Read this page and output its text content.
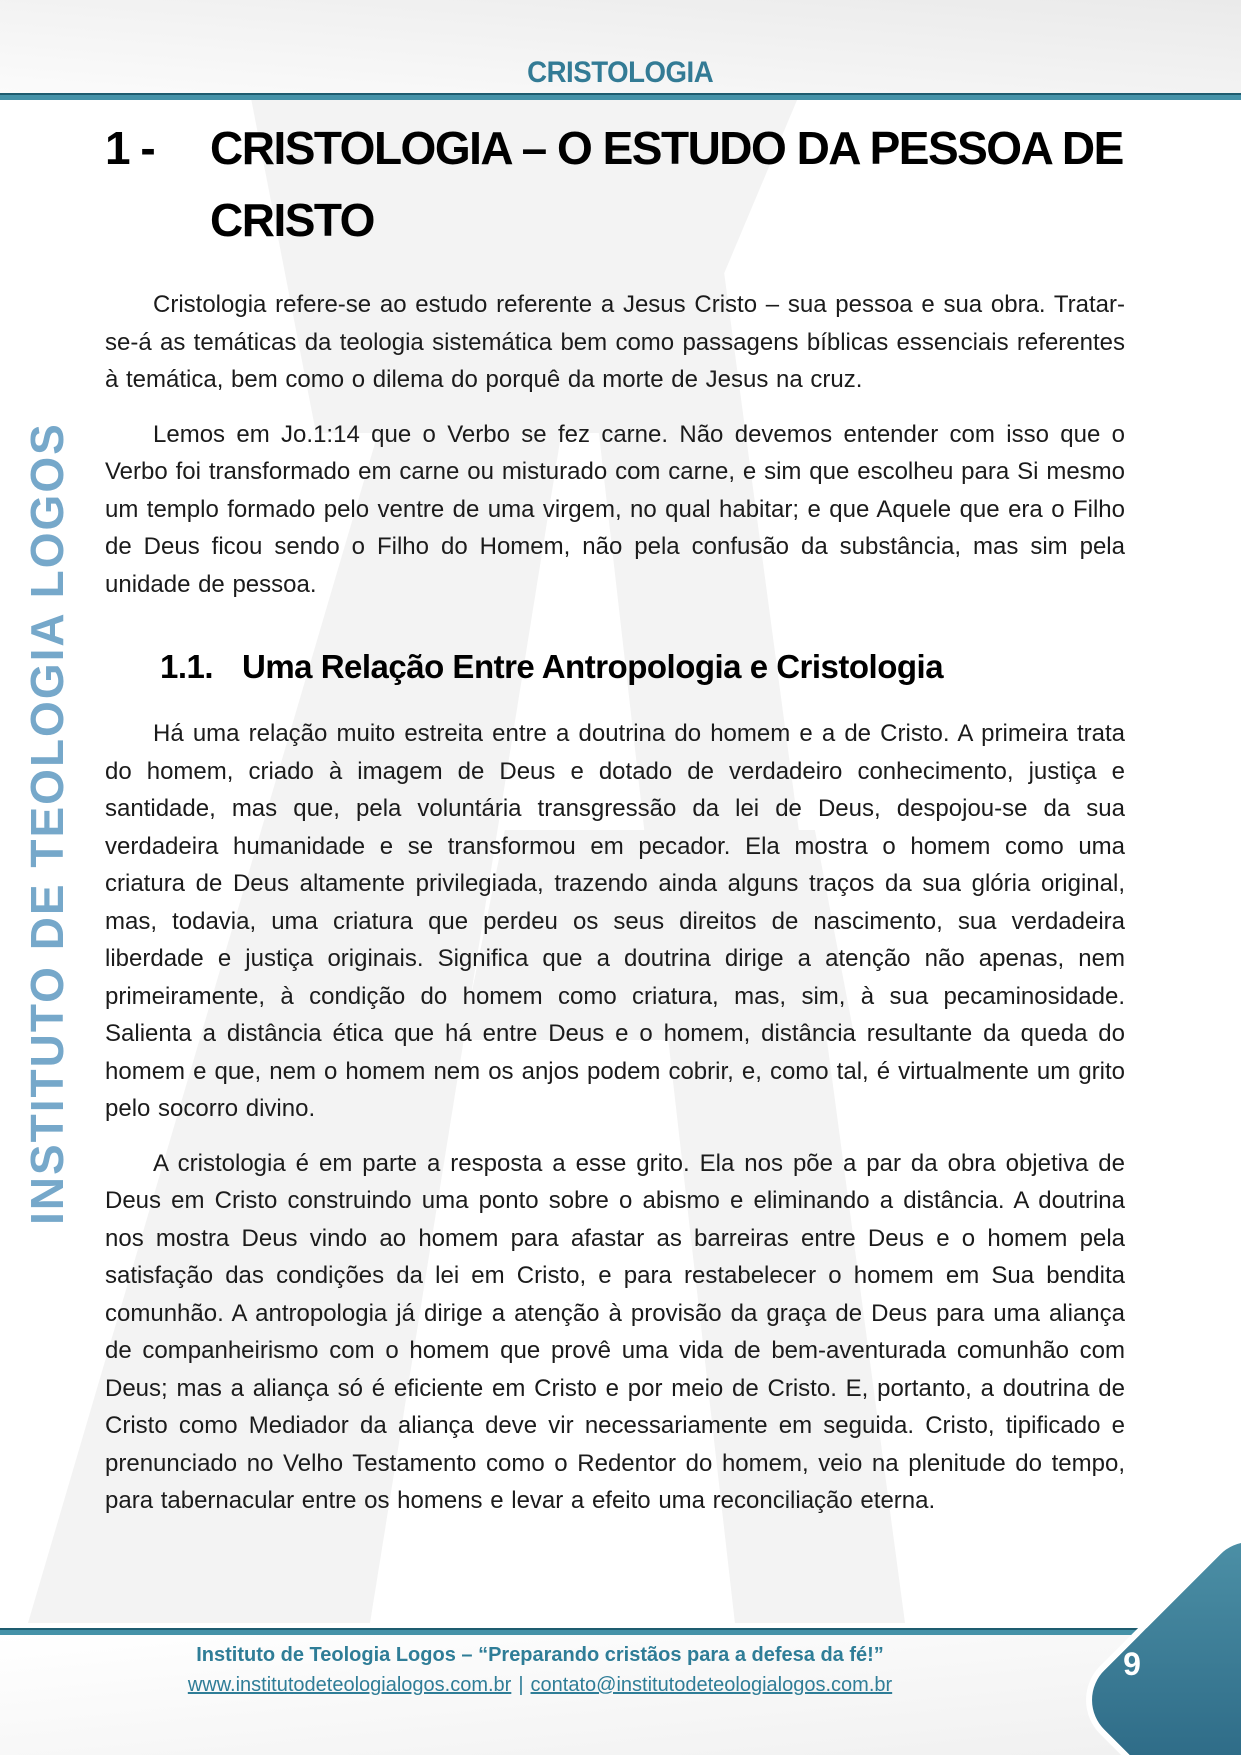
CRISTOLOGIA
INSTITUTO DE TEOLOGIA LOGOS
1 -	CRISTOLOGIA – O ESTUDO DA PESSOA DE
CRISTO

Cristologia refere-se ao estudo referente a Jesus Cristo – sua pessoa e sua obra. Tratar-se-á as temáticas da teologia sistemática bem como passagens bíblicas essenciais referentes à temática, bem como o dilema do porquê da morte de Jesus na cruz.

Lemos em Jo.1:14 que o Verbo se fez carne. Não devemos entender com isso que o Verbo foi transformado em carne ou misturado com carne, e sim que escolheu para Si mesmo um templo formado pelo ventre de uma virgem, no qual habitar; e que Aquele que era o Filho de Deus ficou sendo o Filho do Homem, não pela confusão da substância, mas sim pela unidade de pessoa.

1.1. Uma Relação Entre Antropologia e Cristologia

Há uma relação muito estreita entre a doutrina do homem e a de Cristo. A primeira trata do homem, criado à imagem de Deus e dotado de verdadeiro conhecimento, justiça e santidade, mas que, pela voluntária transgressão da lei de Deus, despojou-se da sua verdadeira humanidade e se transformou em pecador. Ela mostra o homem como uma criatura de Deus altamente privilegiada, trazendo ainda alguns traços da sua glória original, mas, todavia, uma criatura que perdeu os seus direitos de nascimento, sua verdadeira liberdade e justiça originais. Significa que a doutrina dirige a atenção não apenas, nem primeiramente, à condição do homem como criatura, mas, sim, à sua pecaminosidade. Salienta a distância ética que há entre Deus e o homem, distância resultante da queda do homem e que, nem o homem nem os anjos podem cobrir, e, como tal, é virtualmente um grito pelo socorro divino.

A cristologia é em parte a resposta a esse grito. Ela nos põe a par da obra objetiva de Deus em Cristo construindo uma ponto sobre o abismo e eliminando a distância. A doutrina nos mostra Deus vindo ao homem para afastar as barreiras entre Deus e o homem pela satisfação das condições da lei em Cristo, e para restabelecer o homem em Sua bendita comunhão. A antropologia já dirige a atenção à provisão da graça de Deus para uma aliança de companheirismo com o homem que provê uma vida de bem-aventurada comunhão com Deus; mas a aliança só é eficiente em Cristo e por meio de Cristo. E, portanto, a doutrina de Cristo como Mediador da aliança deve vir necessariamente em seguida. Cristo, tipificado e prenunciado no Velho Testamento como o Redentor do homem, veio na plenitude do tempo, para tabernacular entre os homens e levar a efeito uma reconciliação eterna.

Instituto de Teologia Logos – “Preparando cristãos para a defesa da fé!”
www.institutodeteologialogos.com.br | contato@institutodeteologialogos.com.br
9
